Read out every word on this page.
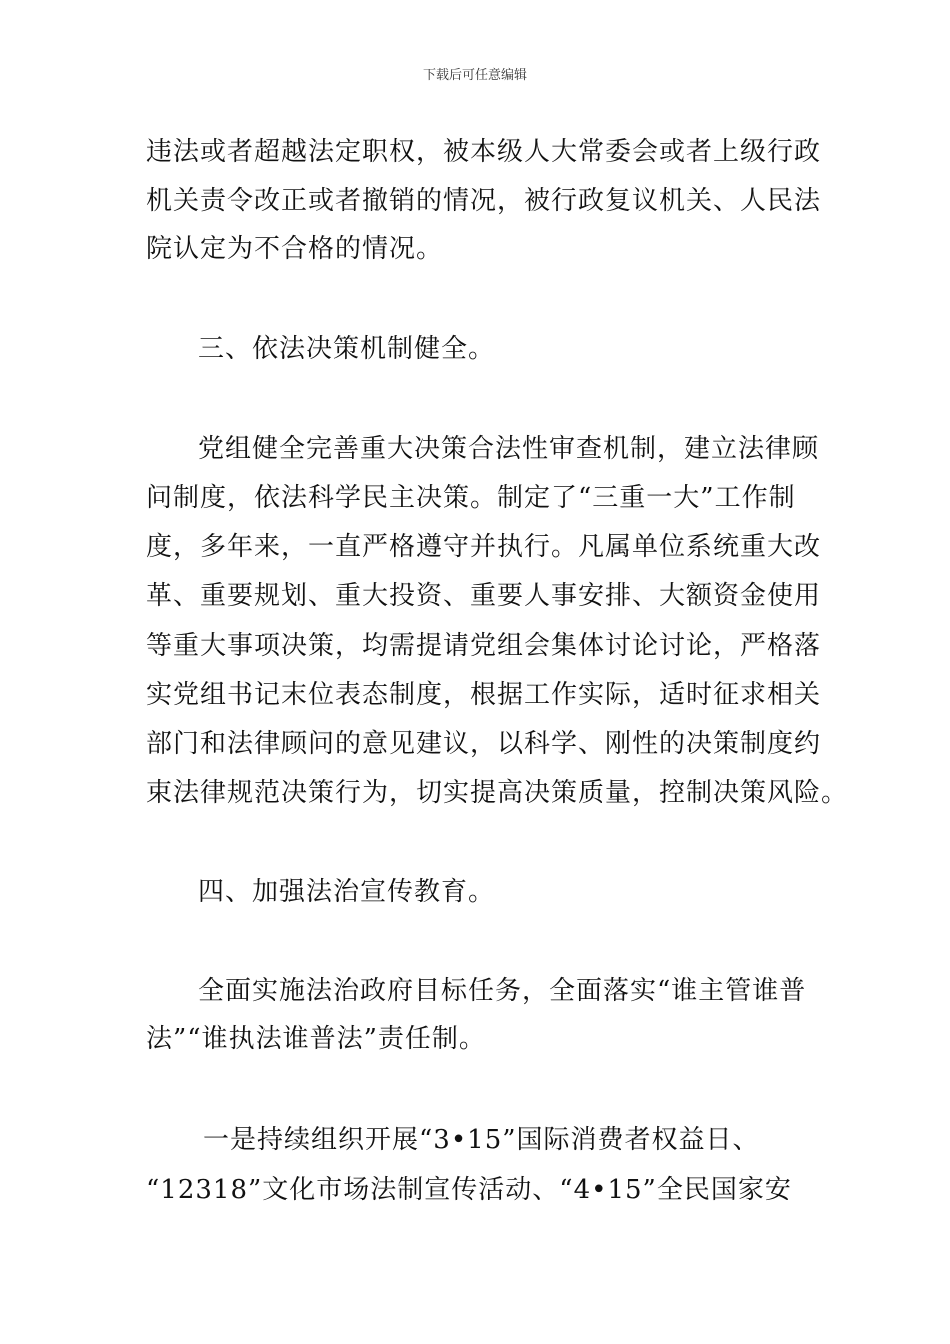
下载后可任意编辑
违法或者超越法定职权，被本级人大常委会或者上级行政
机关责令改正或者撤销的情况，被行政复议机关、人民法
院认定为不合格的情况。
三、依法决策机制健全。
党组健全完善重大决策合法性审查机制，建立法律顾
问制度，依法科学民主决策。制定了“三重一大”工作制
度，多年来，一直严格遵守并执行。凡属单位系统重大改
革、重要规划、重大投资、重要人事安排、大额资金使用
等重大事项决策，均需提请党组会集体讨论讨论，严格落
实党组书记末位表态制度，根据工作实际，适时征求相关
部门和法律顾问的意见建议，以科学、刚性的决策制度约
束法律规范决策行为，切实提高决策质量，控制决策风险。
四、加强法治宣传教育。
全面实施法治政府目标任务，全面落实“谁主管谁普
法”“谁执法谁普法”责任制。
一是持续组织开展“3•15”国际消费者权益日、
“12318”文化市场法制宣传活动、“4•15”全民国家安
